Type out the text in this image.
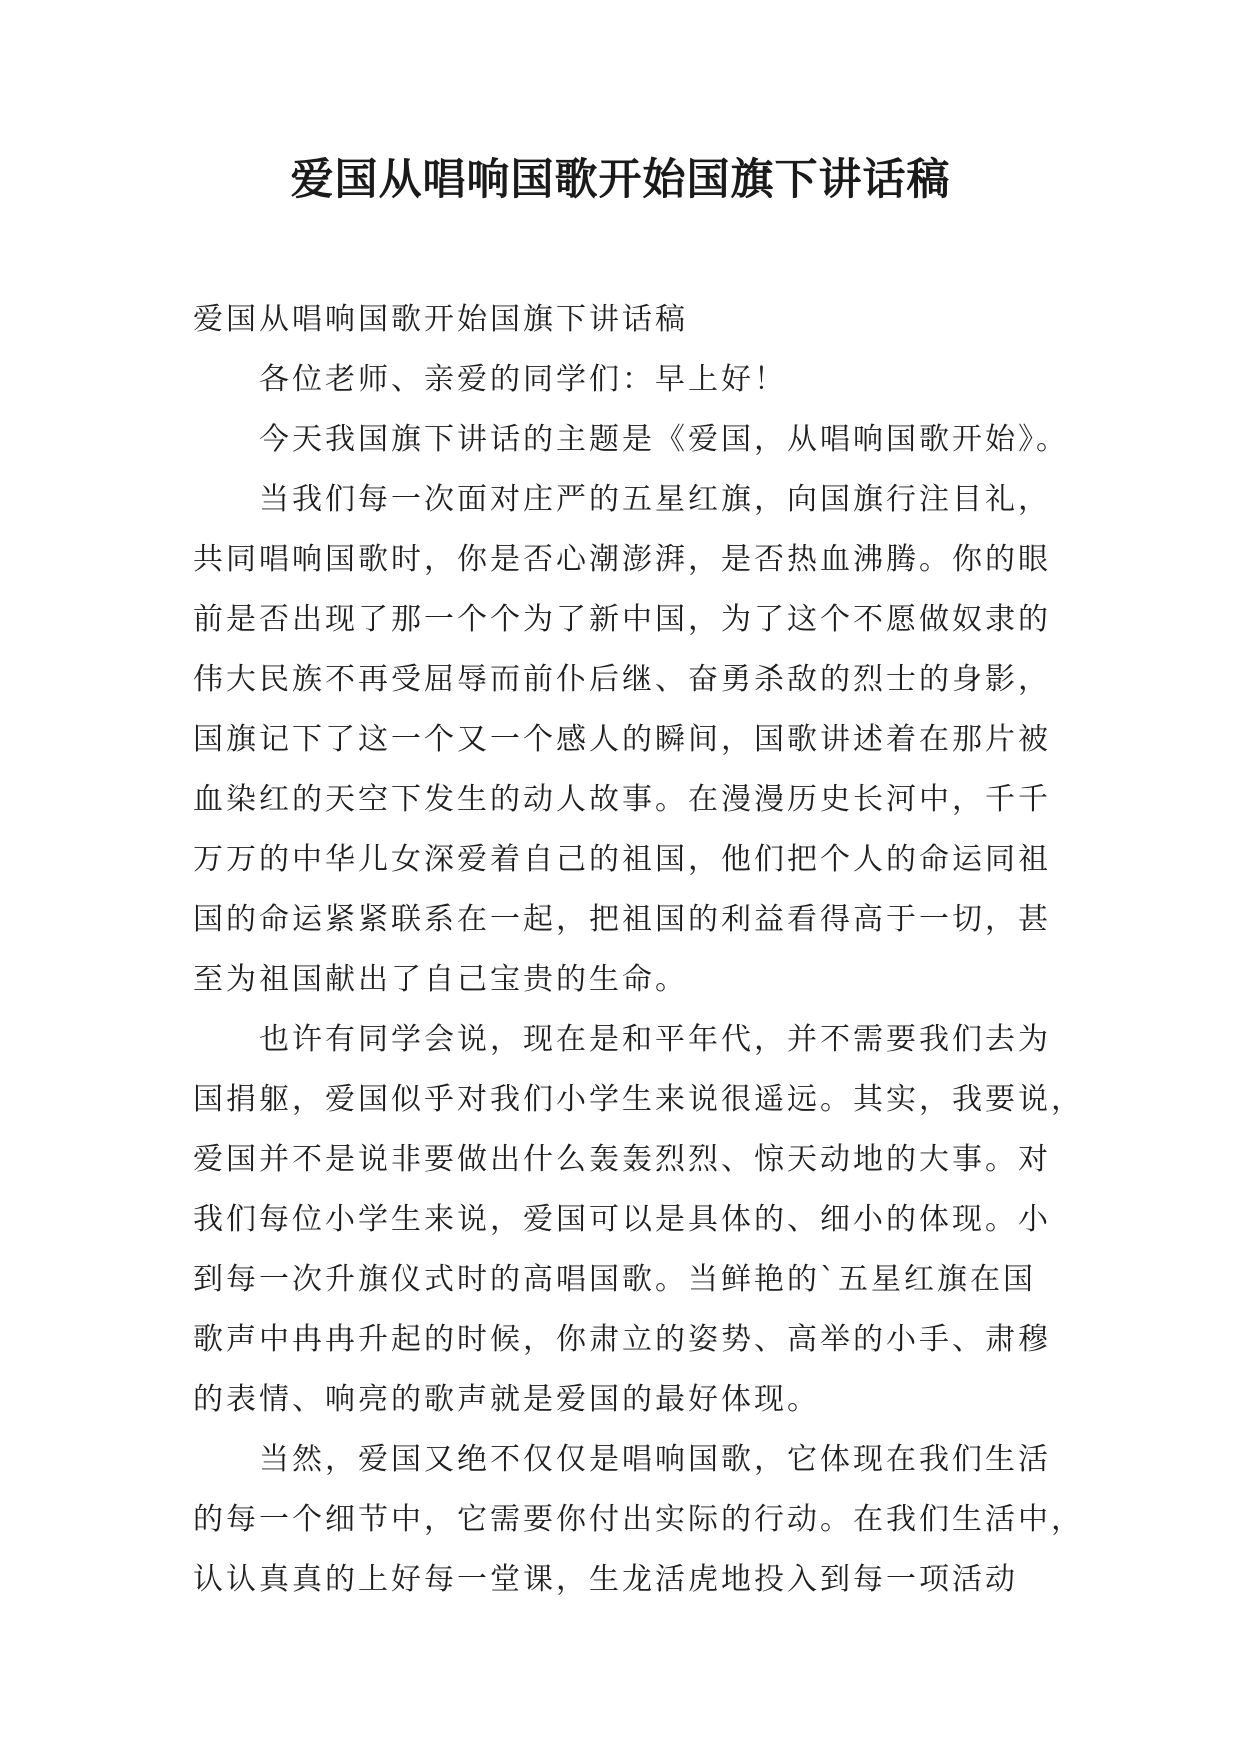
爱国从唱响国歌开始国旗下讲话稿
爱国从唱响国歌开始国旗下讲话稿
各位老师、亲爱的同学们：早上好！
今天我国旗下讲话的主题是《爱国，从唱响国歌开始》。
当我们每一次面对庄严的五星红旗，向国旗行注目礼，
共同唱响国歌时，你是否心潮澎湃，是否热血沸腾。你的眼
前是否出现了那一个个为了新中国，为了这个不愿做奴隶的
伟大民族不再受屈辱而前仆后继、奋勇杀敌的烈士的身影，
国旗记下了这一个又一个感人的瞬间，国歌讲述着在那片被
血染红的天空下发生的动人故事。在漫漫历史长河中，千千
万万的中华儿女深爱着自己的祖国，他们把个人的命运同祖
国的命运紧紧联系在一起，把祖国的利益看得高于一切，甚
至为祖国献出了自己宝贵的生命。
也许有同学会说，现在是和平年代，并不需要我们去为
国捐躯，爱国似乎对我们小学生来说很遥远。其实，我要说，
爱国并不是说非要做出什么轰轰烈烈、惊天动地的大事。对
我们每位小学生来说，爱国可以是具体的、细小的体现。小
到每一次升旗仪式时的高唱国歌。当鲜艳的`五星红旗在国
歌声中冉冉升起的时候，你肃立的姿势、高举的小手、肃穆
的表情、响亮的歌声就是爱国的最好体现。
当然，爱国又绝不仅仅是唱响国歌，它体现在我们生活
的每一个细节中，它需要你付出实际的行动。在我们生活中，
认认真真的上好每一堂课，生龙活虎地投入到每一项活动
